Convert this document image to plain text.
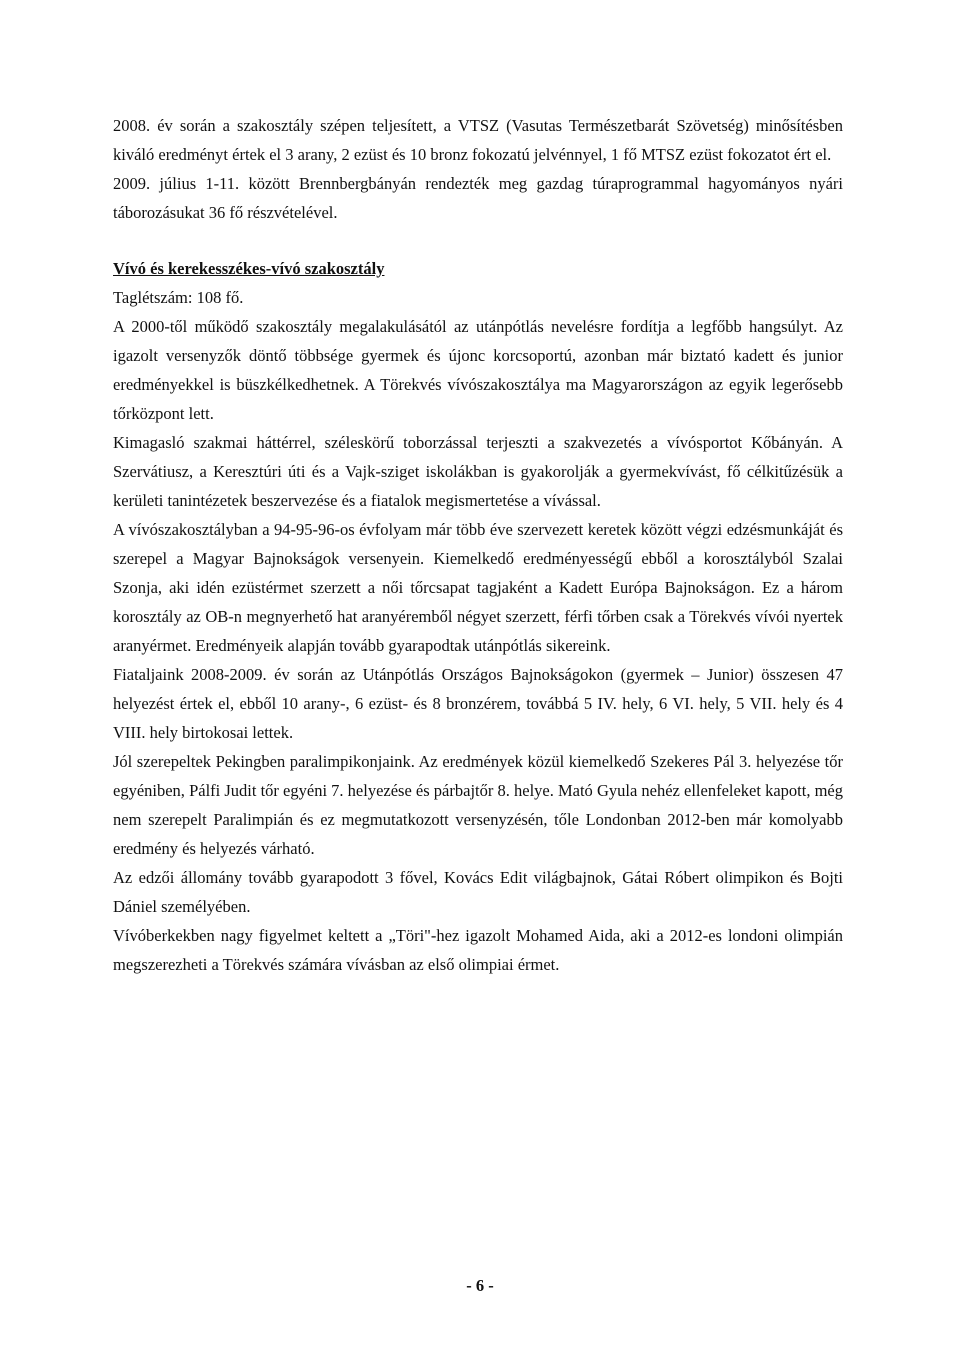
2008. év során a szakosztály szépen teljesített, a VTSZ (Vasutas Természetbarát Szövetség) minősítésben kiváló eredményt értek el 3 arany, 2 ezüst és 10 bronz fokozatú jelvénnyel, 1 fő MTSZ ezüst fokozatot ért el.

2009. július 1-11. között Brennbergbányán rendezték meg gazdag túraprogrammal hagyományos nyári táborozásukat 36 fő részvételével.

Vívó és kerekesszékes-vívó szakosztály

Taglétszám: 108 fő.

A 2000-től működő szakosztály megalakulásától az utánpótlás nevelésre fordítja a legfőbb hangsúlyt. Az igazolt versenyzők döntő többsége gyermek és újonc korcsoportú, azonban már biztató kadett és junior eredményekkel is büszkélkedhetnek. A Törekvés vívószakosztálya ma Magyarországon az egyik legerősebb tőrközpont lett.

Kimagasló szakmai háttérrel, széleskörű toborzással terjeszti a szakvezetés a vívósportot Kőbányán. A Szervátiusz, a Keresztúri úti és a Vajk-sziget iskolákban is gyakorolják a gyermekvívást, fő célkitűzésük a kerületi tanintézetek beszervezése és a fiatalok megismertetése a vívással.

A vívószakosztályban a 94-95-96-os évfolyam már több éve szervezett keretek között végzi edzésmunkáját és szerepel a Magyar Bajnokságok versenyein. Kiemelkedő eredményességű ebből a korosztályból Szalai Szonja, aki idén ezüstérmet szerzett a női tőrcsapat tagjaként a Kadett Európa Bajnokságon. Ez a három korosztály az OB-n megnyerhető hat aranyéremből négyet szerzett, férfi tőrben csak a Törekvés vívói nyertek aranyérmet. Eredményeik alapján tovább gyarapodtak utánpótlás sikereink.

Fiataljaink 2008-2009. év során az Utánpótlás Országos Bajnokságokon (gyermek – Junior) összesen 47 helyezést értek el, ebből 10 arany-, 6 ezüst- és 8 bronzérem, továbbá 5 IV. hely, 6 VI. hely, 5 VII. hely és 4 VIII. hely birtokosai lettek.

Jól szerepeltek Pekingben paralimpikonjaink. Az eredmények közül kiemelkedő Szekeres Pál 3. helyezése tőr egyéniben, Pálfi Judit tőr egyéni 7. helyezése és párbajtőr 8. helye. Mató Gyula nehéz ellenfeleket kapott, még nem szerepelt Paralimpián és ez megmutatkozott versenyzésén, tőle Londonban 2012-ben már komolyabb eredmény és helyezés várható.

Az edzői állomány tovább gyarapodott 3 fővel, Kovács Edit világbajnok, Gátai Róbert olimpikon és Bojti Dániel személyében.

Vívóberkekben nagy figyelmet keltett a „Töri"-hez igazolt Mohamed Aida, aki a 2012-es londoni olimpián megszerezheti a Törekvés számára vívásban az első olimpiai érmet.

- 6 -
